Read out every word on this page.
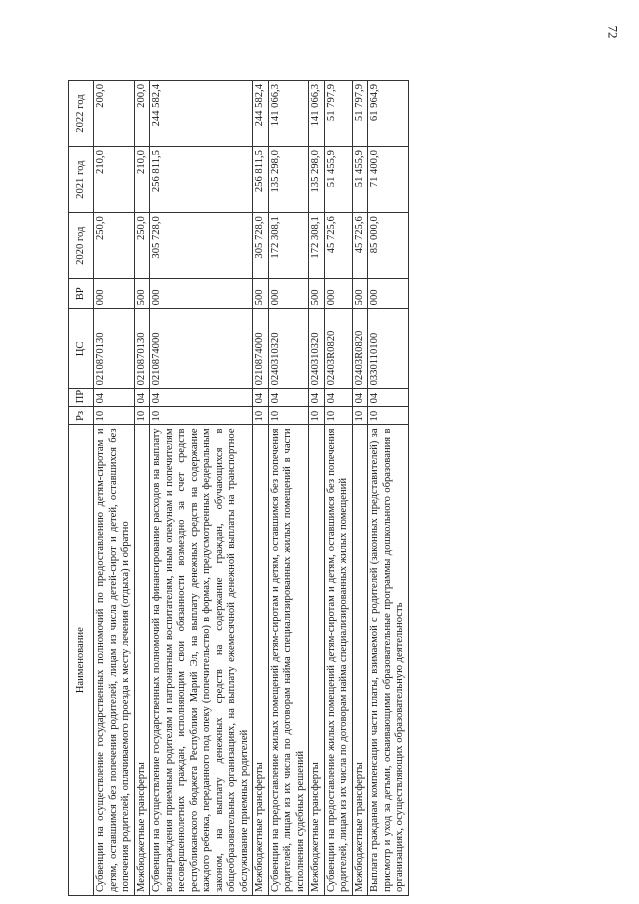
72
Наименование	Рз	ПР	ЦС	ВР	2020 год	2021 год	2022 год
Субвенции на осуществление государственных полномочий по предоставлению детям-сиротам и детям, оставшимся без попечения родителей, лицам из числа детей-сирот и детей, оставшихся без попечения родителей, оплачиваемого проезда к месту лечения (отдыха) и обратно	10	04	0210870130	000	250,0	210,0	200,0
Межбюджетные трансферты	10	04	0210870130	500	250,0	210,0	200,0
Субвенции на осуществление государственных полномочий на финансирование расходов на выплату вознаграждения приемным родителям и патронатным воспитателям, иным опекунам и попечителям несовершеннолетних граждан, исполняющим свои обязанности возмездно за счет средств республиканского бюджета Республики Марий Эл, на выплату денежных средств на содержание каждого ребенка, переданного под опеку (попечительство) в формах, предусмотренных федеральным законом, на выплату денежных средств на содержание граждан, обучающихся в общеобразовательных организациях, на выплату ежемесячной денежной выплаты на транспортное обслуживание приемных родителей	10	04	0210874000	000	305 728,0	256 811,5	244 582,4
Межбюджетные трансферты	10	04	0210874000	500	305 728,0	256 811,5	244 582,4
Субвенции на предоставление жилых помещений детям-сиротам и детям, оставшимся без попечения родителей, лицам из их числа по договорам найма специализированных жилых помещений в части исполнения судебных решений	10	04	0240310320	000	172 308,1	135 298,0	141 066,3
Межбюджетные трансферты	10	04	0240310320	500	172 308,1	135 298,0	141 066,3
Субвенции на предоставление жилых помещений детям-сиротам и детям, оставшимся без попечения родителей, лицам из их числа по договорам найма специализированных жилых помещений	10	04	02403R0820	000	45 725,6	51 455,9	51 797,9
Межбюджетные трансферты	10	04	02403R0820	500	45 725,6	51 455,9	51 797,9
Выплата гражданам компенсации части платы, взимаемой с родителей (законных представителей) за присмотр и уход за детьми, осваивающими образовательные программы дошкольного образования в организациях, осуществляющих образовательную деятельность	10	04	0330110100	000	85 000,0	71 400,0	61 964,9
